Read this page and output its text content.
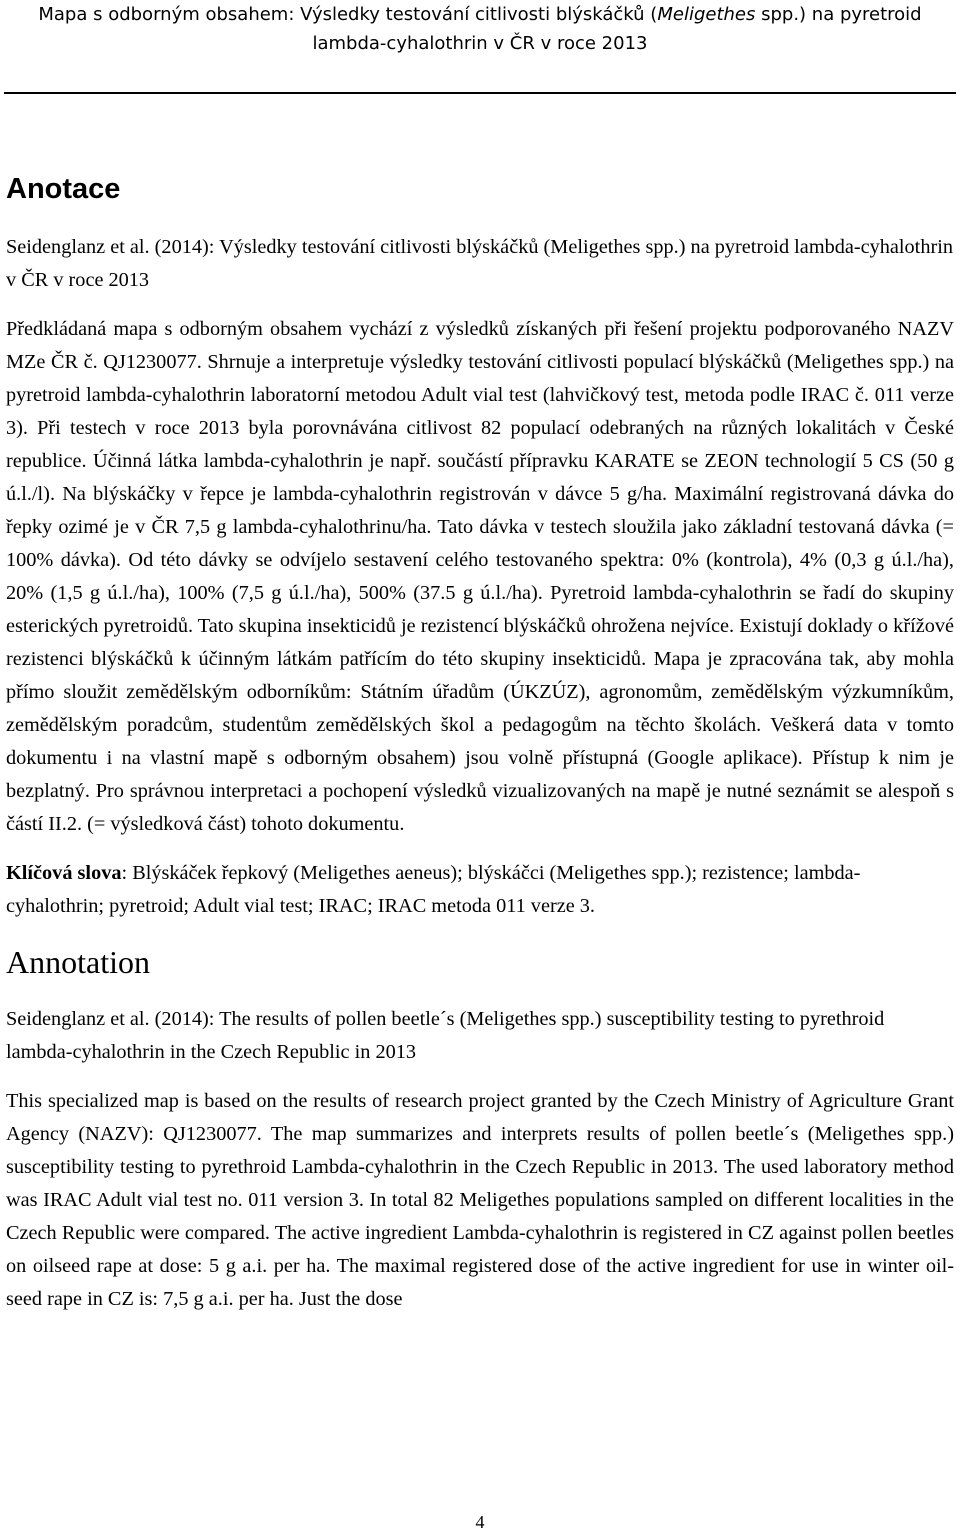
Mapa s odborným obsahem: Výsledky testování citlivosti blýskáčků (Meligethes spp.) na pyretroid
lambda-cyhalothrin v ČR v roce 2013
Anotace

Seidenglanz et al. (2014): Výsledky testování citlivosti blýskáčků (Meligethes spp.) na pyretroid lambda-cyhalothrin v ČR v roce 2013

Předkládaná mapa s odborným obsahem vychází z výsledků získaných při řešení projektu podporovaného NAZV MZe ČR č. QJ1230077. Shrnuje a interpretuje výsledky testování citlivosti populací blýskáčků (Meligethes spp.) na pyretroid lambda-cyhalothrin laboratorní metodou Adult vial test (lahvičkový test, metoda podle IRAC č. 011 verze 3). Při testech v roce 2013 byla porovnávána citlivost 82 populací odebraných na různých lokalitách v České republice. Účinná látka lambda-cyhalothrin je např. součástí přípravku KARATE se ZEON technologií 5 CS (50 g ú.l./l). Na blýskáčky v řepce je lambda-cyhalothrin registrován v dávce 5 g/ha. Maximální registrovaná dávka do řepky ozimé je v ČR 7,5 g lambda-cyhalothrinu/ha. Tato dávka v testech sloužila jako základní testovaná dávka (= 100% dávka). Od této dávky se odvíjelo sestavení celého testovaného spektra: 0% (kontrola), 4% (0,3 g ú.l./ha), 20% (1,5 g ú.l./ha), 100% (7,5 g ú.l./ha), 500% (37.5 g ú.l./ha). Pyretroid lambda-cyhalothrin se řadí do skupiny esterických pyretroidů. Tato skupina insekticidů je rezistencí blýskáčků ohrožena nejvíce. Existují doklady o křížové rezistenci blýskáčků k účinným látkám patřícím do této skupiny insekticidů. Mapa je zpracována tak, aby mohla přímo sloužit zemědělským odborníkům: Státním úřadům (ÚKZÚZ), agronomům, zemědělským výzkumníkům, zemědělským poradcům, studentům zemědělských škol a pedagogům na těchto školách. Veškerá data v tomto dokumentu i na vlastní mapě s odborným obsahem) jsou volně přístupná (Google aplikace). Přístup k nim je bezplatný. Pro správnou interpretaci a pochopení výsledků vizualizovaných na mapě je nutné seznámit se alespoň s částí II.2. (= výsledková část) tohoto dokumentu.

Klíčová slova: Blýskáček řepkový (Meligethes aeneus); blýskáčci (Meligethes spp.); rezistence; lambda-cyhalothrin; pyretroid; Adult vial test; IRAC; IRAC metoda 011 verze 3.

Annotation

Seidenglanz et al. (2014): The results of pollen beetle´s (Meligethes spp.) susceptibility testing to pyrethroid lambda-cyhalothrin in the Czech Republic in 2013

This specialized map is based on the results of research project granted by the Czech Ministry of Agriculture Grant Agency (NAZV): QJ1230077. The map summarizes and interprets results of pollen beetle´s (Meligethes spp.) susceptibility testing to pyrethroid Lambda-cyhalothrin in the Czech Republic in 2013. The used laboratory method was IRAC Adult vial test no. 011 version 3. In total 82 Meligethes populations sampled on different localities in the Czech Republic were compared. The active ingredient Lambda-cyhalothrin is registered in CZ against pollen beetles on oilseed rape at dose: 5 g a.i. per ha. The maximal registered dose of the active ingredient for use in winter oil-seed rape in CZ is: 7,5 g a.i. per ha. Just the dose

4
